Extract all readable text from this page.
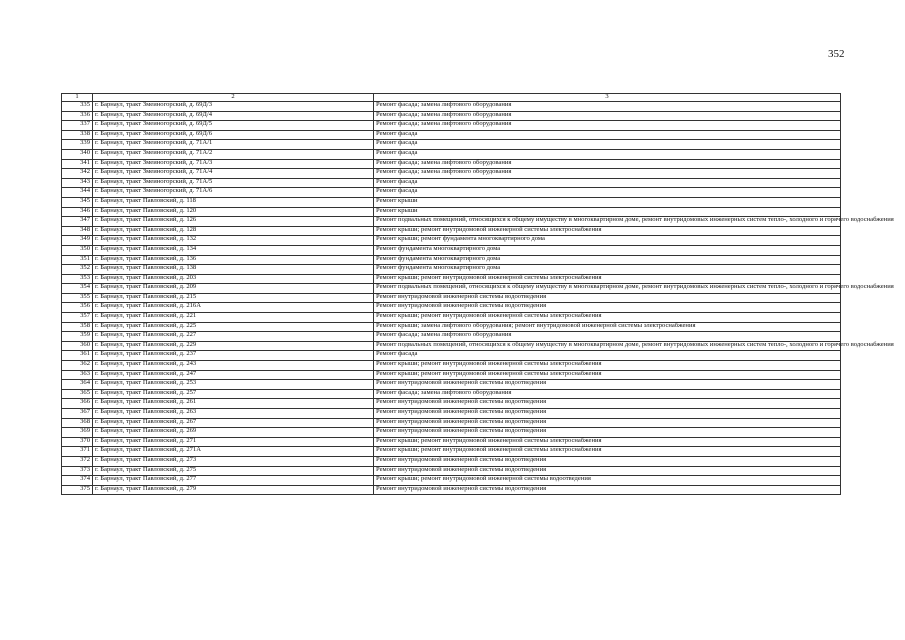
352
1	2	3
335	г. Барнаул, тракт Змеиногорский, д. 69Д/3	Ремонт фасада; замена лифтового оборудования
336	г. Барнаул, тракт Змеиногорский, д. 69Д/4	Ремонт фасада; замена лифтового оборудования
337	г. Барнаул, тракт Змеиногорский, д. 69Д/5	Ремонт фасада; замена лифтового оборудования
338	г. Барнаул, тракт Змеиногорский, д. 69Д/6	Ремонт фасада
339	г. Барнаул, тракт Змеиногорский, д. 71А/1	Ремонт фасада
340	г. Барнаул, тракт Змеиногорский, д. 71А/2	Ремонт фасада
341	г. Барнаул, тракт Змеиногорский, д. 71А/3	Ремонт фасада; замена лифтового оборудования
342	г. Барнаул, тракт Змеиногорский, д. 71А/4	Ремонт фасада; замена лифтового оборудования
343	г. Барнаул, тракт Змеиногорский, д. 71А/5	Ремонт фасада
344	г. Барнаул, тракт Змеиногорский, д. 71А/6	Ремонт фасада
345	г. Барнаул, тракт Павловский, д. 118	Ремонт крыши
346	г. Барнаул, тракт Павловский, д. 120	Ремонт крыши
347	г. Барнаул, тракт Павловский, д. 126	Ремонт подвальных помещений, относящихся к общему имуществу в многоквартирном доме, ремонт внутридомовых инженерных систем тепло-, холодного и горячего водоснабжения
348	г. Барнаул, тракт Павловский, д. 128	Ремонт крыши; ремонт внутридомовой инженерной системы электроснабжения
349	г. Барнаул, тракт Павловский, д. 132	Ремонт крыши; ремонт фундамента многоквартирного дома
350	г. Барнаул, тракт Павловский, д. 134	Ремонт фундамента многоквартирного дома
351	г. Барнаул, тракт Павловский, д. 136	Ремонт фундамента многоквартирного дома
352	г. Барнаул, тракт Павловский, д. 138	Ремонт фундамента многоквартирного дома
353	г. Барнаул, тракт Павловский, д. 203	Ремонт крыши; ремонт внутридомовой инженерной системы электроснабжения
354	г. Барнаул, тракт Павловский, д. 209	Ремонт подвальных помещений, относящихся к общему имуществу в многоквартирном доме, ремонт внутридомовых инженерных систем тепло-, холодного и горячего водоснабжения
355	г. Барнаул, тракт Павловский, д. 215	Ремонт внутридомовой инженерной системы водоотведения
356	г. Барнаул, тракт Павловский, д. 216А	Ремонт внутридомовой инженерной системы водоотведения
357	г. Барнаул, тракт Павловский, д. 221	Ремонт крыши; ремонт внутридомовой инженерной системы электроснабжения
358	г. Барнаул, тракт Павловский, д. 225	Ремонт крыши; замена лифтового оборудования; ремонт внутридомовой инженерной системы электроснабжения
359	г. Барнаул, тракт Павловский, д. 227	Ремонт фасада; замена лифтового оборудования
360	г. Барнаул, тракт Павловский, д. 229	Ремонт подвальных помещений, относящихся к общему имуществу в многоквартирном доме, ремонт внутридомовых инженерных систем тепло-, холодного и горячего водоснабжения
361	г. Барнаул, тракт Павловский, д. 237	Ремонт фасада
362	г. Барнаул, тракт Павловский, д. 243	Ремонт крыши; ремонт внутридомовой инженерной системы электроснабжения
363	г. Барнаул, тракт Павловский, д. 247	Ремонт крыши; ремонт внутридомовой инженерной системы электроснабжения
364	г. Барнаул, тракт Павловский, д. 253	Ремонт внутридомовой инженерной системы водоотведения
365	г. Барнаул, тракт Павловский, д. 257	Ремонт фасада; замена лифтового оборудования
366	г. Барнаул, тракт Павловский, д. 261	Ремонт внутридомовой инженерной системы водоотведения
367	г. Барнаул, тракт Павловский, д. 263	Ремонт внутридомовой инженерной системы водоотведения
368	г. Барнаул, тракт Павловский, д. 267	Ремонт внутридомовой инженерной системы водоотведения
369	г. Барнаул, тракт Павловский, д. 269	Ремонт внутридомовой инженерной системы водоотведения
370	г. Барнаул, тракт Павловский, д. 271	Ремонт крыши; ремонт внутридомовой инженерной системы электроснабжения
371	г. Барнаул, тракт Павловский, д. 271А	Ремонт крыши; ремонт внутридомовой инженерной системы электроснабжения
372	г. Барнаул, тракт Павловский, д. 273	Ремонт внутридомовой инженерной системы водоотведения
373	г. Барнаул, тракт Павловский, д. 275	Ремонт внутридомовой инженерной системы водоотведения
374	г. Барнаул, тракт Павловский, д. 277	Ремонт крыши; ремонт внутридомовой инженерной системы водоотведения
375	г. Барнаул, тракт Павловский, д. 279	Ремонт внутридомовой инженерной системы водоотведения
